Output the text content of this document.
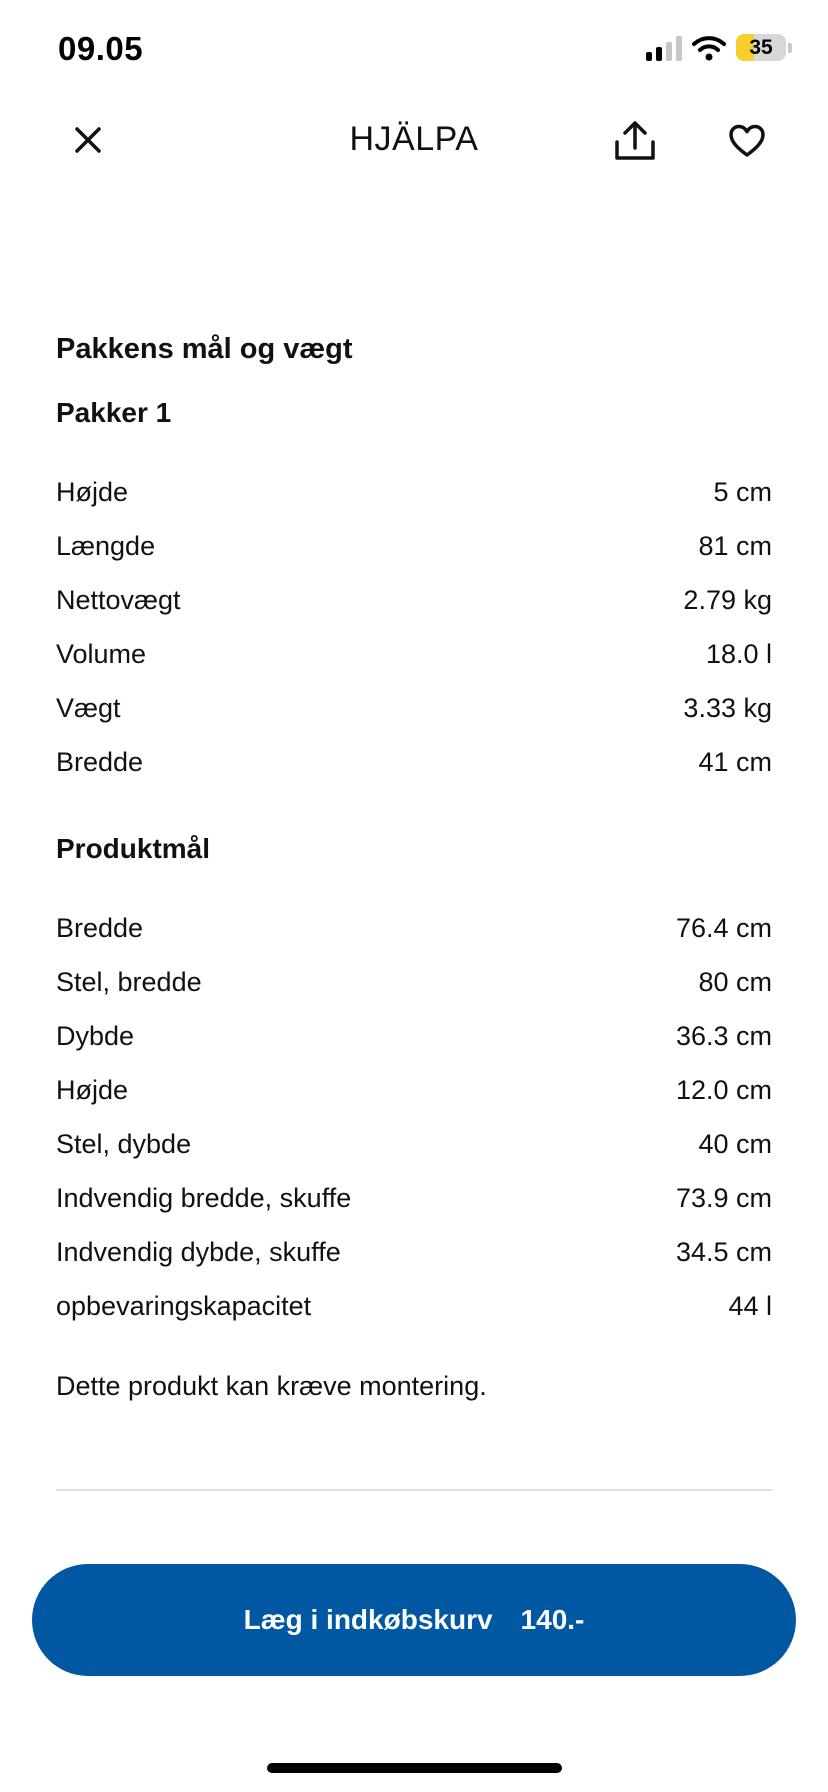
09.05	35
HJÄLPA
Pakkens mål og vægt
Pakker 1
Højde	5 cm
Længde	81 cm
Nettovægt	2.79 kg
Volume	18.0 l
Vægt	3.33 kg
Bredde	41 cm
Produktmål
Bredde	76.4 cm
Stel, bredde	80 cm
Dybde	36.3 cm
Højde	12.0 cm
Stel, dybde	40 cm
Indvendig bredde, skuffe	73.9 cm
Indvendig dybde, skuffe	34.5 cm
opbevaringskapacitet	44 l
Dette produkt kan kræve montering.
Læg i indkøbskurv 140.-
